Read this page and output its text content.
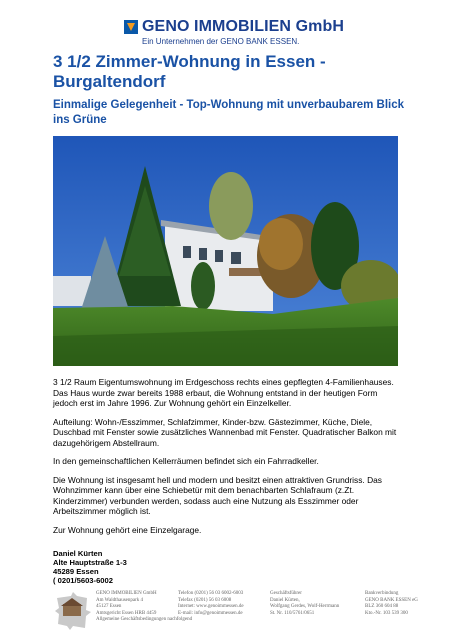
GENO IMMOBILIEN GmbH
Ein Unternehmen der GENO BANK ESSEN.
3 1/2 Zimmer-Wohnung in Essen - Burgaltendorf
Einmalige Gelegenheit - Top-Wohnung mit unverbaubarem Blick ins Grüne

3 1/2 Raum Eigentumswohnung im Erdgeschoss rechts eines gepflegten 4-Familienhauses. Das Haus wurde zwar bereits 1988 erbaut, die Wohnung entstand in der heutigen Form jedoch erst im Jahre 1996. Zur Wohnung gehört ein Einzelkeller.

Aufteilung: Wohn-/Esszimmer, Schlafzimmer, Kinder-bzw. Gästezimmer, Küche, Diele, Duschbad mit Fenster sowie zusätzliches Wannenbad mit Fenster. Quadratischer Balkon mit dazugehörigem Abstellraum.

In den gemeinschaftlichen Kellerräumen befindet sich ein Fahrradkeller.

Die Wohnung ist insgesamt hell und modern und besitzt einen attraktiven Grundriss. Das Wohnzimmer kann über eine Schiebetür mit dem benachbarten Schlafraum (z.Zt. Kinderzimmer) verbunden werden, sodass auch eine Nutzung als Esszimmer oder Arbeitszimmer möglich ist.

Zur Wohnung gehört eine Einzelgarage.

Daniel Kürten
Alte Hauptstraße 1-3
45289 Essen
( 0201/5603-6002
GENO IMMOBILIEN GmbH
Am Waldthausenpark 4
45127 Essen
Amtsgericht Essen HRB 4459
Allgemeine Geschäftsbedingungen nachfolgend
Telefon (0201) 56 03 6002-6003
Telefax (0201) 56 03 6008
Internet: www.genoimmessen.de
E-mail: info@genoimmessen.de
Geschäftsführer
Daniel Kürten,
Wolfgang Gerdes, Wolf-Herrmann
St. Nr. 110/5761/0651
Bankverbindung
GENO BANK ESSEN eG
BLZ 360 604 88
Kto.-Nr. 103 539 300
